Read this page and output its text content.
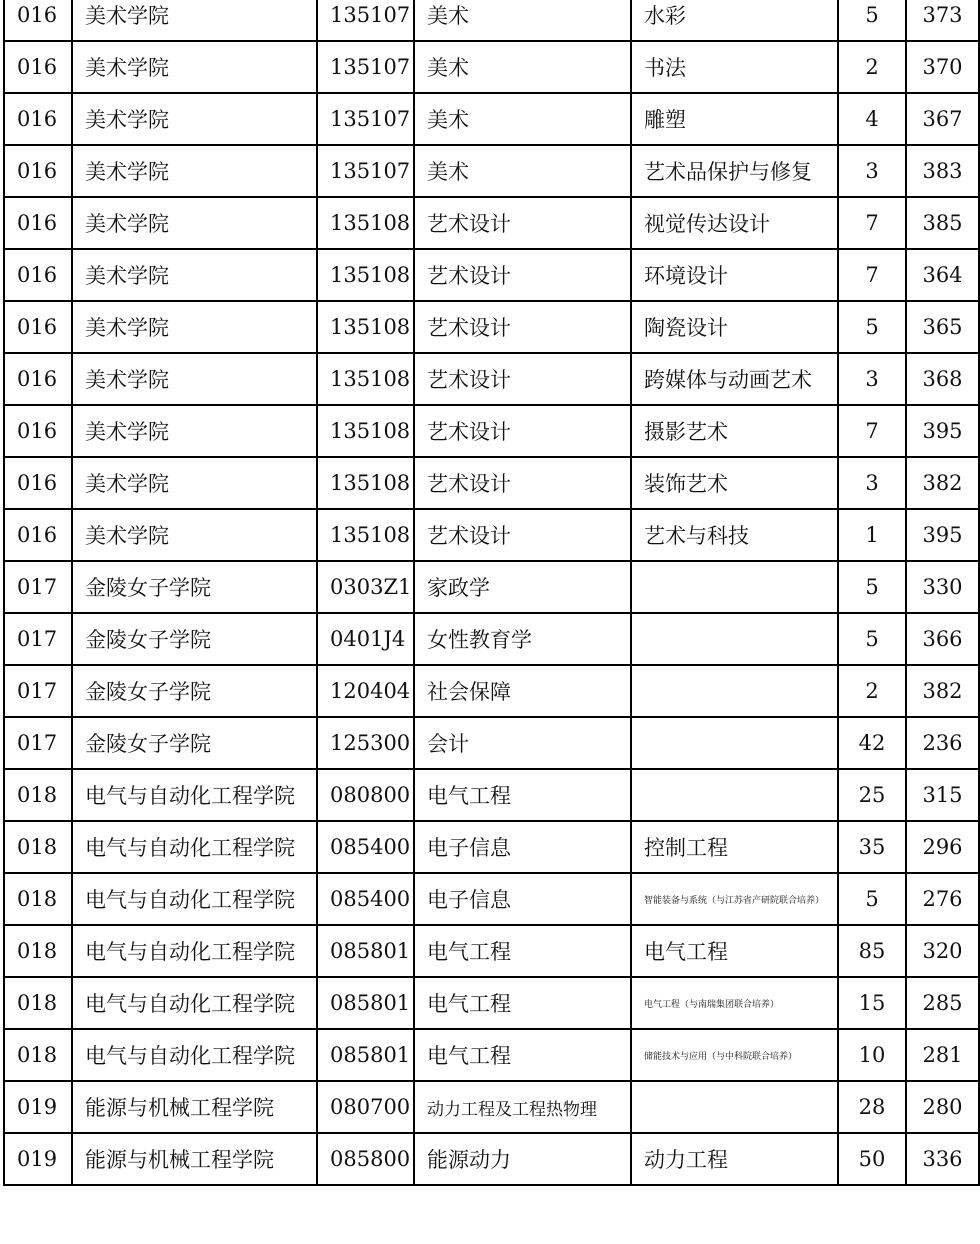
016	美术学院	135107	美术	水彩	5	373
016	美术学院	135107	美术	书法	2	370
016	美术学院	135107	美术	雕塑	4	367
016	美术学院	135107	美术	艺术品保护与修复	3	383
016	美术学院	135108	艺术设计	视觉传达设计	7	385
016	美术学院	135108	艺术设计	环境设计	7	364
016	美术学院	135108	艺术设计	陶瓷设计	5	365
016	美术学院	135108	艺术设计	跨媒体与动画艺术	3	368
016	美术学院	135108	艺术设计	摄影艺术	7	395
016	美术学院	135108	艺术设计	装饰艺术	3	382
016	美术学院	135108	艺术设计	艺术与科技	1	395
017	金陵女子学院	0303Z1	家政学		5	330
017	金陵女子学院	0401J4	女性教育学		5	366
017	金陵女子学院	120404	社会保障		2	382
017	金陵女子学院	125300	会计		42	236
018	电气与自动化工程学院	080800	电气工程		25	315
018	电气与自动化工程学院	085400	电子信息	控制工程	35	296
018	电气与自动化工程学院	085400	电子信息	智能装备与系统（与江苏省产研院联合培养）	5	276
018	电气与自动化工程学院	085801	电气工程	电气工程	85	320
018	电气与自动化工程学院	085801	电气工程	电气工程（与南瑞集团联合培养）	15	285
018	电气与自动化工程学院	085801	电气工程	储能技术与应用（与中科院联合培养）	10	281
019	能源与机械工程学院	080700	动力工程及工程热物理		28	280
019	能源与机械工程学院	085800	能源动力	动力工程	50	336
